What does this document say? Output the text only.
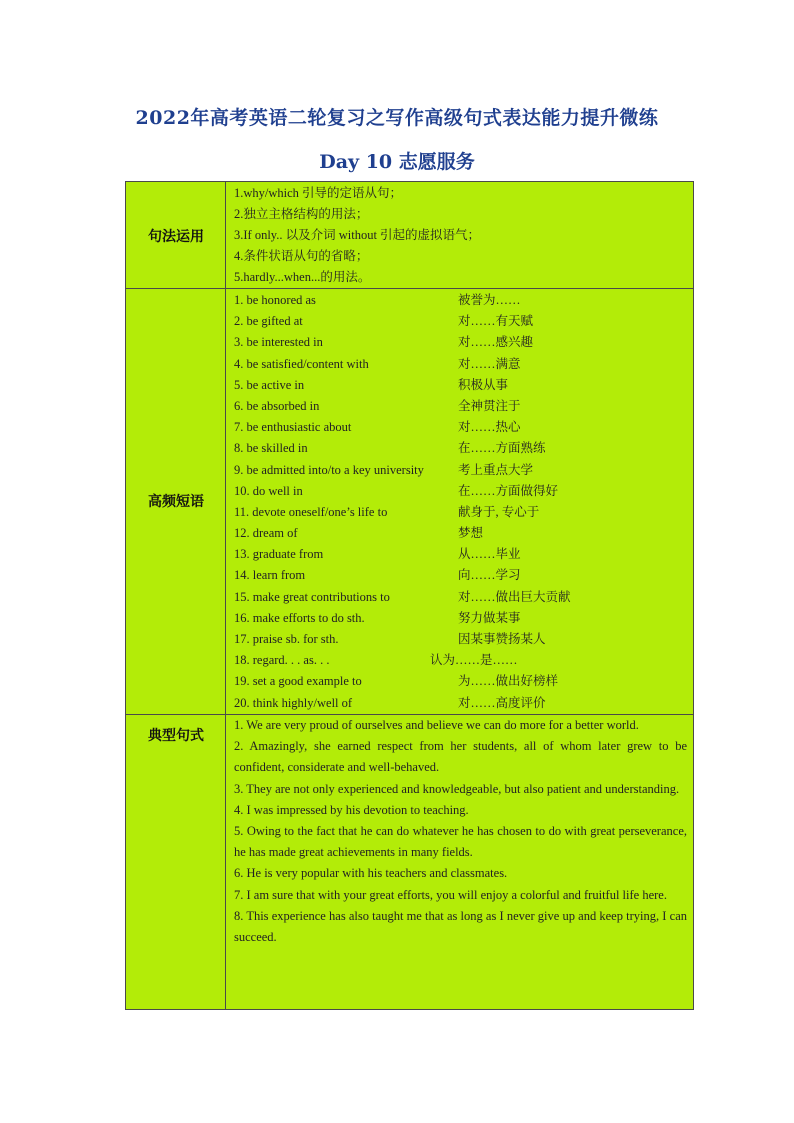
2022年高考英语二轮复习之写作高级句式表达能力提升微练
Day 10 志愿服务
句法运用
1.why/which 引导的定语从句；
2.独立主格结构的用法；
3.If only.. 以及介词 without 引起的虚拟语气；
4.条件状语从句的省略；
5.hardly...when...的用法。
高频短语
1. be honored as	被誉为……
2. be gifted at	对……有天赋
3. be interested in	对……感兴趣
4. be satisfied/content with	对……满意
5. be active in	积极从事
6. be absorbed in	全神贯注于
7. be enthusiastic about	对……热心
8. be skilled in	在……方面熟练
9. be admitted into/to a key university	考上重点大学
10. do well in	在……方面做得好
11. devote oneself/one’s life to	献身于, 专心于
12. dream of	梦想
13. graduate from	从……毕业
14. learn from	向……学习
15. make great contributions to	对……做出巨大贡献
16. make efforts to do sth.	努力做某事
17. praise sb. for sth.	因某事赞扬某人
18. regard. . . as. . .	认为……是……
19. set a good example to	为……做出好榜样
20. think highly/well of	对……高度评价
典型句式
1. We are very proud of ourselves and believe we can do more for a better world.
2. Amazingly, she earned respect from her students, all of whom later grew to be confident, considerate and well-behaved.
3. They are not only experienced and knowledgeable, but also patient and understanding.
4. I was impressed by his devotion to teaching.
5. Owing to the fact that he can do whatever he has chosen to do with great perseverance, he has made great achievements in many fields.
6. He is very popular with his teachers and classmates.
7. I am sure that with your great efforts, you will enjoy a colorful and fruitful life here.
8. This experience has also taught me that as long as I never give up and keep trying, I can succeed.
